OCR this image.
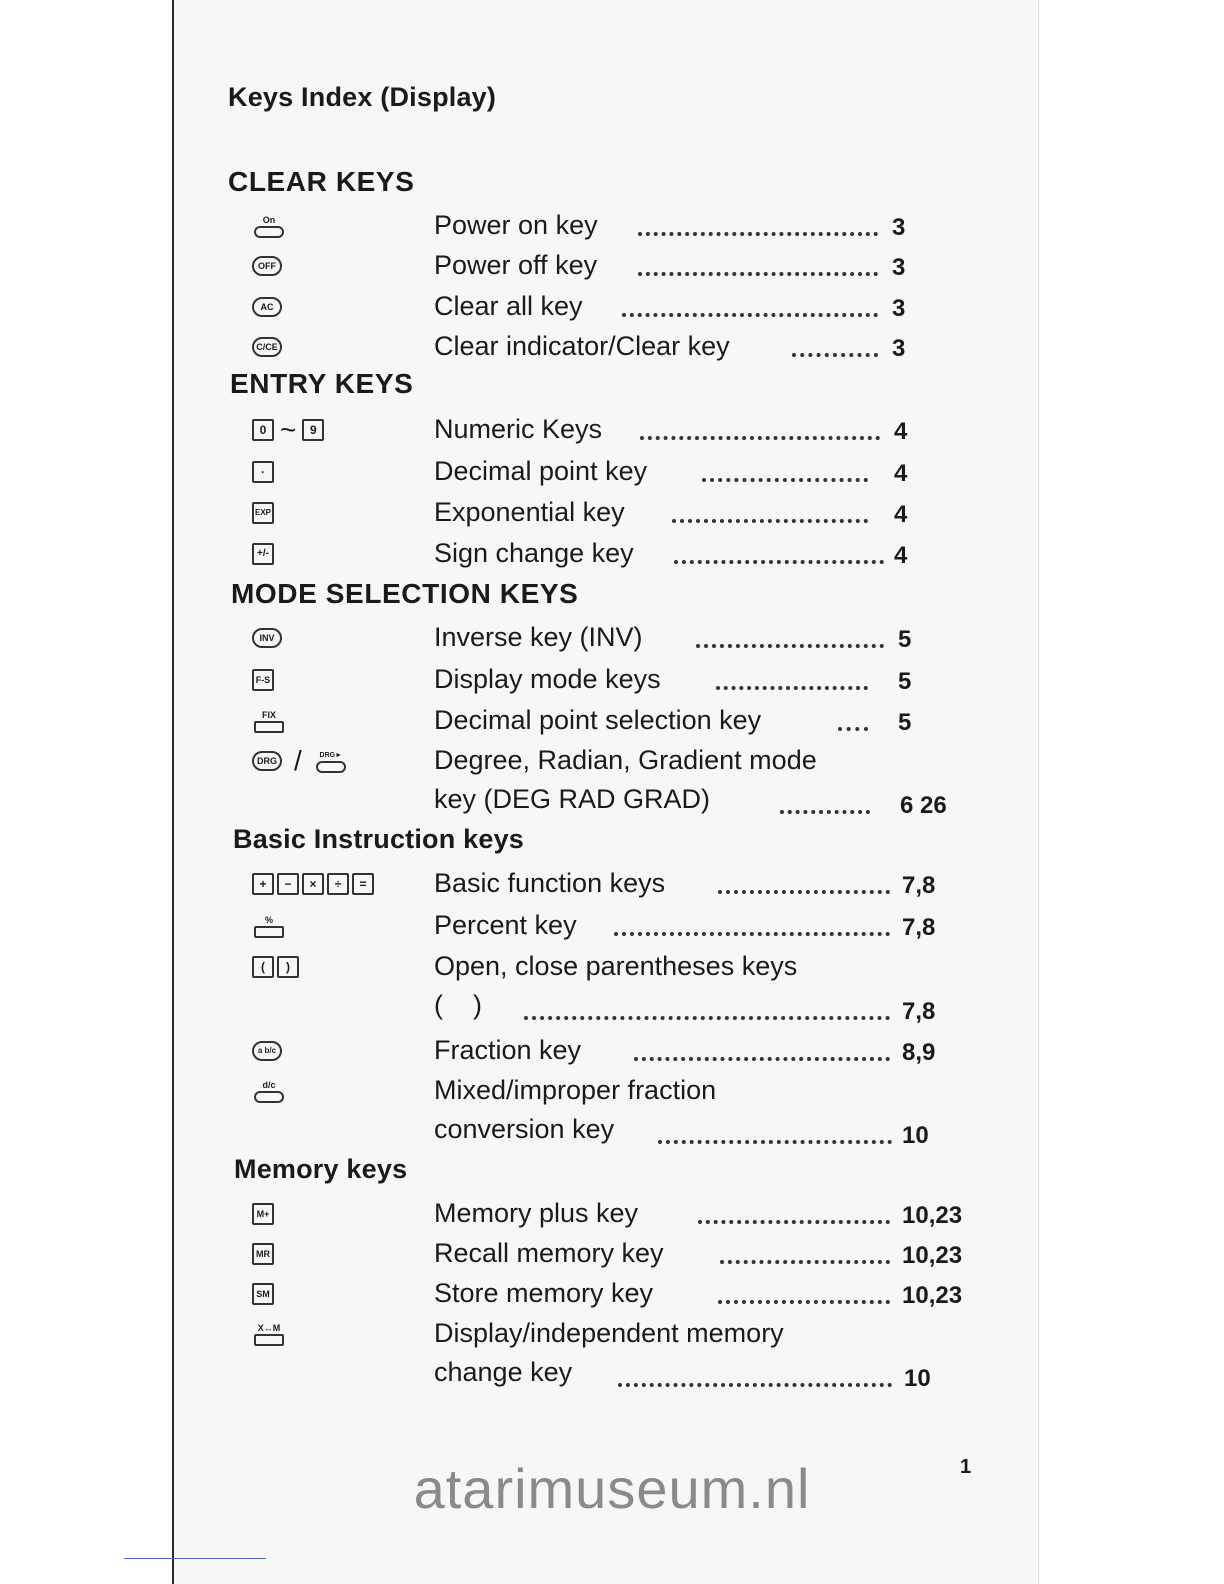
Keys Index (Display)
CLEAR KEYS
On	Power on key	3
OFF	Power off key	3
AC	Clear all key	3
C/CE	Clear indicator/Clear key	3
ENTRY KEYS
0 ~	9	Numeric Keys	4
·	Decimal point key	4
EXP	Exponential key	4
+/-	Sign change key	4
MODE SELECTION KEYS
INV	Inverse key (INV)	5
F-S	Display mode keys	5
FIX	Decimal point selection key	5
DRG /	DRG►	Degree, Radian, Gradient mode
key (DEG RAD GRAD)	6 26
Basic Instruction keys
+	−	×	÷	=	Basic function keys	7,8
%	Percent key	7,8
(	)	Open, close parentheses keys
(    )	7,8
a b/c	Fraction key	8,9
d/c	Mixed/improper fraction
conversion key	10
Memory keys
M+	Memory plus key	10,23
MR	Recall memory key	10,23
SM	Store memory key	10,23
X↔M	Display/independent memory
change key	10
atarimuseum.nl	1
